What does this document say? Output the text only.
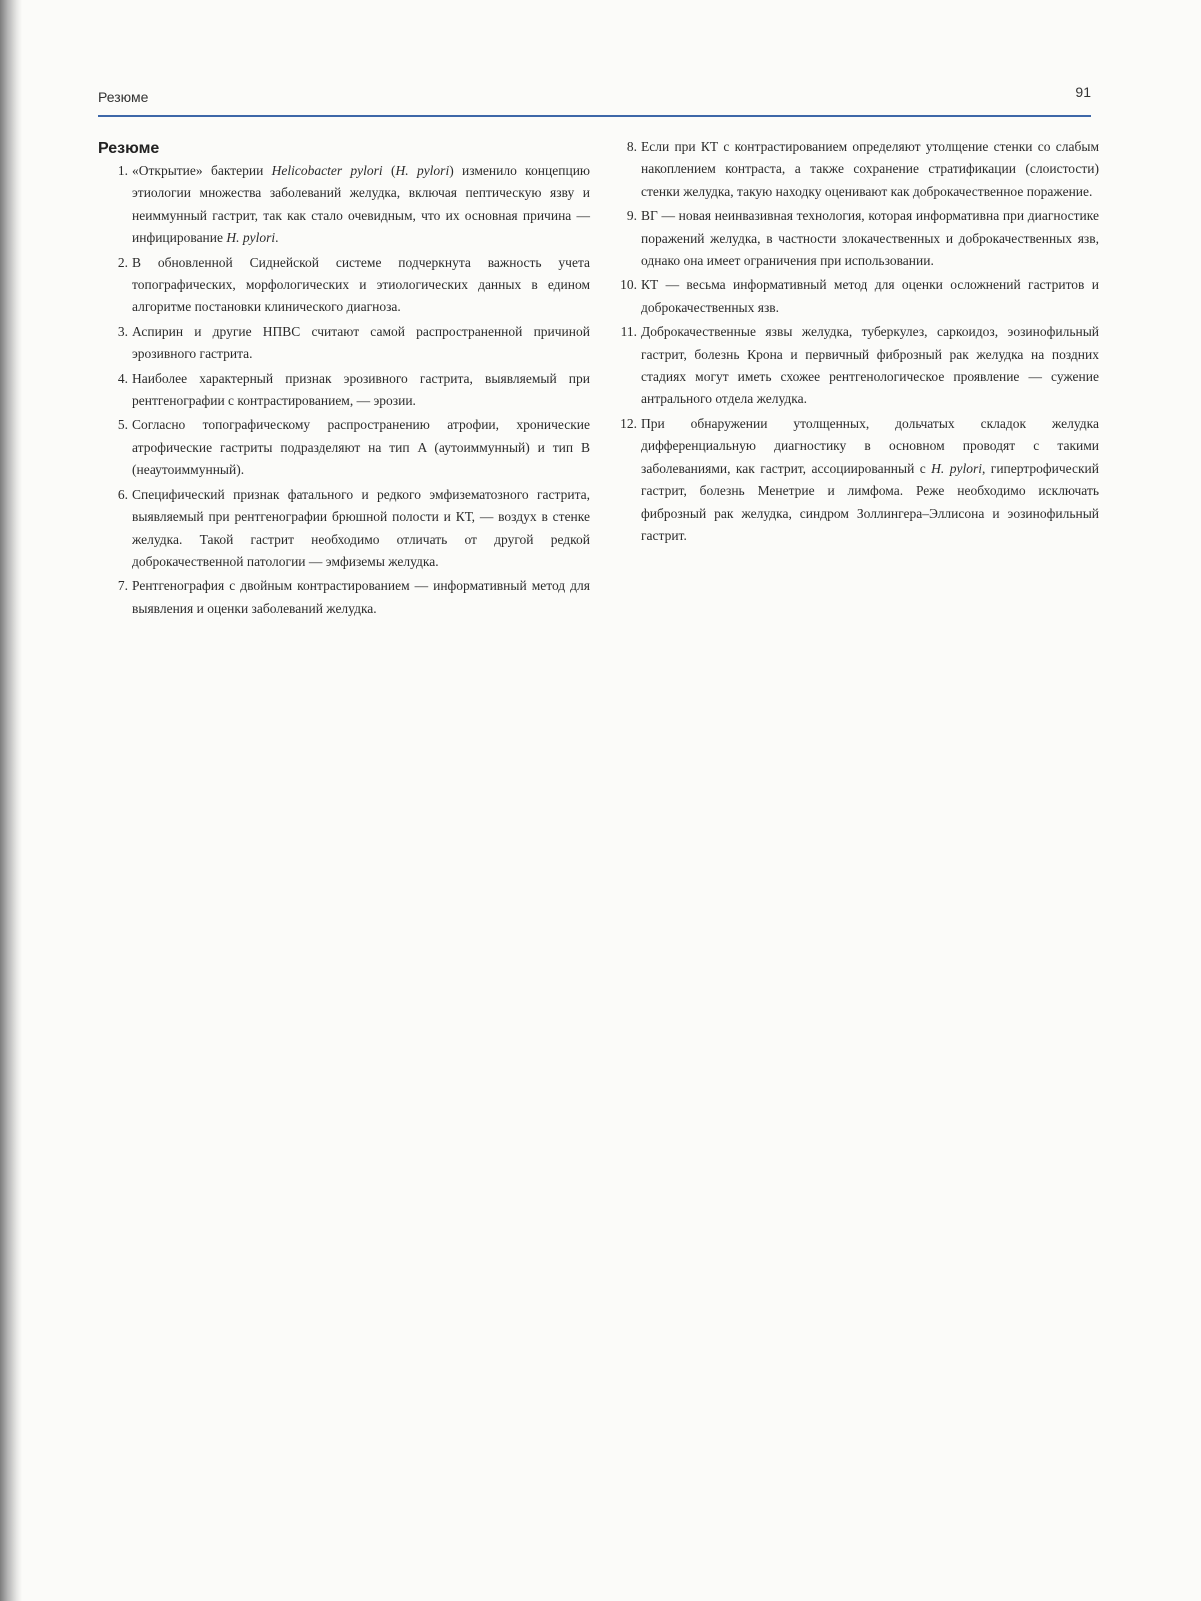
Резюме	91
Резюме
1. «Открытие» бактерии Helicobacter pylori (H. pylori) изменило концепцию этиологии множества заболеваний желудка, включая пептическую язву и неиммунный гастрит, так как стало очевидным, что их основная причина — инфицирование H. pylori.
2. В обновленной Сиднейской системе подчеркнута важность учета топографических, морфологических и этиологических данных в едином алгоритме постановки клинического диагноза.
3. Аспирин и другие НПВС считают самой распространенной причиной эрозивного гастрита.
4. Наиболее характерный признак эрозивного гастрита, выявляемый при рентгенографии с контрастированием, — эрозии.
5. Согласно топографическому распространению атрофии, хронические атрофические гастриты подразделяют на тип A (аутоиммунный) и тип B (неаутоиммунный).
6. Специфический признак фатального и редкого эмфизематозного гастрита, выявляемый при рентгенографии брюшной полости и КТ, — воздух в стенке желудка. Такой гастрит необходимо отличать от другой редкой доброкачественной патологии — эмфиземы желудка.
7. Рентгенография с двойным контрастированием — информативный метод для выявления и оценки заболеваний желудка.
8. Если при КТ с контрастированием определяют утолщение стенки со слабым накоплением контраста, а также сохранение стратификации (слоистости) стенки желудка, такую находку оценивают как доброкачественное поражение.
9. ВГ — новая неинвазивная технология, которая информативна при диагностике поражений желудка, в частности злокачественных и доброкачественных язв, однако она имеет ограничения при использовании.
10. КТ — весьма информативный метод для оценки осложнений гастритов и доброкачественных язв.
11. Доброкачественные язвы желудка, туберкулез, саркоидоз, эозинофильный гастрит, болезнь Крона и первичный фиброзный рак желудка на поздних стадиях могут иметь схожее рентгенологическое проявление — сужение антрального отдела желудка.
12. При обнаружении утолщенных, дольчатых складок желудка дифференциальную диагностику в основном проводят с такими заболеваниями, как гастрит, ассоциированный с H. pylori, гипертрофический гастрит, болезнь Менетрие и лимфома. Реже необходимо исключать фиброзный рак желудка, синдром Золлингера–Эллисона и эозинофильный гастрит.
